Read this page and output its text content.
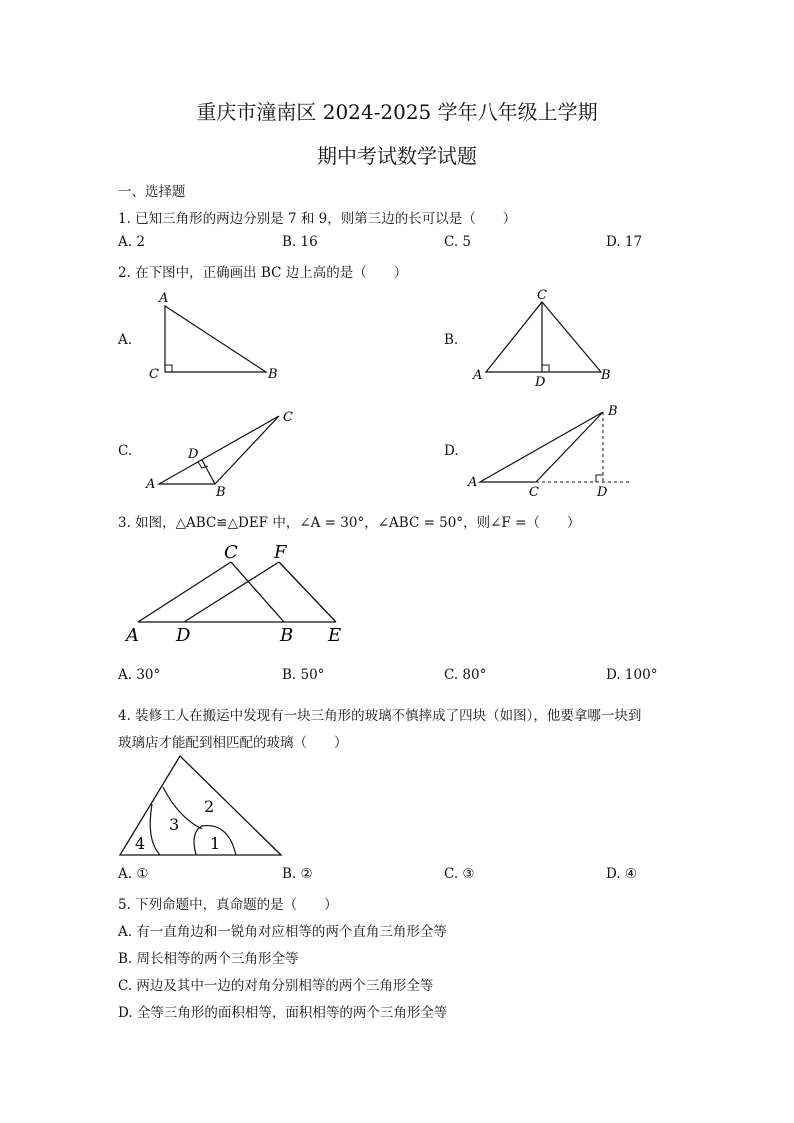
重庆市潼南区 2024-2025 学年八年级上学期
期中考试数学试题
一、选择题
1. 已知三角形的两边分别是 7 和 9，则第三边的长可以是（　　）
A. 2	B. 16	C. 5	D. 17
2. 在下图中，正确画出 BC 边上高的是（　　）
A.	B.
C.	D.
A
C	B
C
A	D	B
C
D
A
B
B
A
C	D
3. 如图，△ABC≌△DEF 中，∠A = 30°，∠ABC = 50°，则∠F =（　　）
C F
A D	B E
A. 30°	B. 50°	C. 80°	D. 100°
4. 装修工人在搬运中发现有一块三角形的玻璃不慎摔成了四块（如图），他要拿哪一块到
玻璃店才能配到相匹配的玻璃（　　）
2
3
4	1
A. ①	B. ②	C. ③	D. ④
5. 下列命题中，真命题的是（　　）
A. 有一直角边和一锐角对应相等的两个直角三角形全等
B. 周长相等的两个三角形全等
C. 两边及其中一边的对角分别相等的两个三角形全等
D. 全等三角形的面积相等，面积相等的两个三角形全等
